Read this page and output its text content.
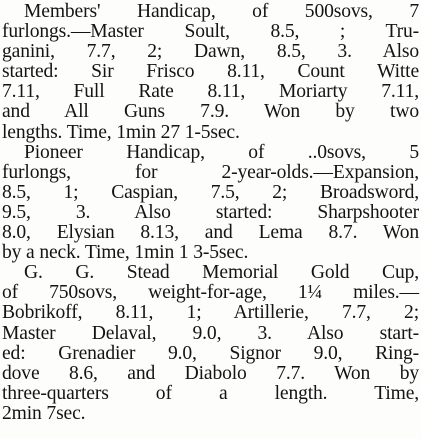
Members' Handicap, of 500sovs, 7
furlongs.—Master Soult, 8.5, ; Tru-
ganini, 7.7, 2; Dawn, 8.5, 3. Also
started: Sir Frisco 8.11, Count Witte
7.11, Full Rate 8.11, Moriarty 7.11,
and All Guns 7.9. Won by two
lengths. Time, 1min 27 1-5sec.
Pioneer Handicap, of ..0sovs, 5
furlongs, for 2-year-olds.—Expansion,
8.5, 1; Caspian, 7.5, 2; Broadsword,
9.5, 3. Also started: Sharpshooter
8.0, Elysian 8.13, and Lema 8.7. Won
by a neck. Time, 1min 1 3-5sec.
G. G. Stead Memorial Gold Cup,
of 750sovs, weight-for-age, 1¼ miles.—
Bobrikoff, 8.11, 1; Artillerie, 7.7, 2;
Master Delaval, 9.0, 3. Also start-
ed: Grenadier 9.0, Signor 9.0, Ring-
dove 8.6, and Diabolo 7.7. Won by
three-quarters of a length. Time,
2min 7sec.
